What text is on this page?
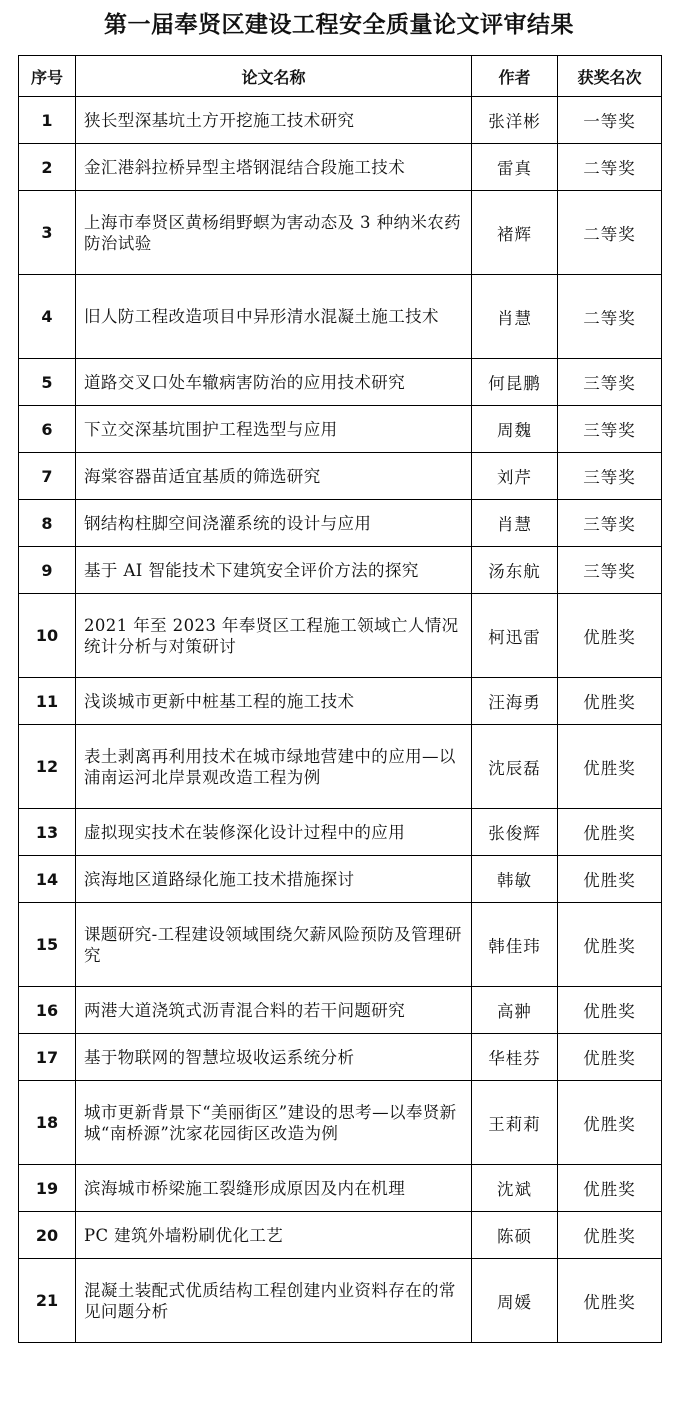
第一届奉贤区建设工程安全质量论文评审结果
序号	论文名称	作者	获奖名次
1	狭长型深基坑土方开挖施工技术研究	张洋彬	一等奖
2	金汇港斜拉桥异型主塔钢混结合段施工技术	雷真	二等奖
3	上海市奉贤区黄杨绢野螟为害动态及 3 种纳米农药防治试验	褚辉	二等奖
4	旧人防工程改造项目中异形清水混凝土施工技术	肖慧	二等奖
5	道路交叉口处车辙病害防治的应用技术研究	何昆鹏	三等奖
6	下立交深基坑围护工程选型与应用	周魏	三等奖
7	海棠容器苗适宜基质的筛选研究	刘芹	三等奖
8	钢结构柱脚空间浇灌系统的设计与应用	肖慧	三等奖
9	基于 AI 智能技术下建筑安全评价方法的探究	汤东航	三等奖
10	2021 年至 2023 年奉贤区工程施工领域亡人情况统计分析与对策研讨	柯迅雷	优胜奖
11	浅谈城市更新中桩基工程的施工技术	汪海勇	优胜奖
12	表土剥离再利用技术在城市绿地营建中的应用—以浦南运河北岸景观改造工程为例	沈辰磊	优胜奖
13	虚拟现实技术在装修深化设计过程中的应用	张俊辉	优胜奖
14	滨海地区道路绿化施工技术措施探讨	韩敏	优胜奖
15	课题研究-工程建设领域围绕欠薪风险预防及管理研究	韩佳玮	优胜奖
16	两港大道浇筑式沥青混合料的若干问题研究	高翀	优胜奖
17	基于物联网的智慧垃圾收运系统分析	华桂芬	优胜奖
18	城市更新背景下“美丽街区”建设的思考—以奉贤新城“南桥源”沈家花园街区改造为例	王莉莉	优胜奖
19	滨海城市桥梁施工裂缝形成原因及内在机理	沈斌	优胜奖
20	PC 建筑外墙粉刷优化工艺	陈硕	优胜奖
21	混凝土装配式优质结构工程创建内业资料存在的常见问题分析	周媛	优胜奖
